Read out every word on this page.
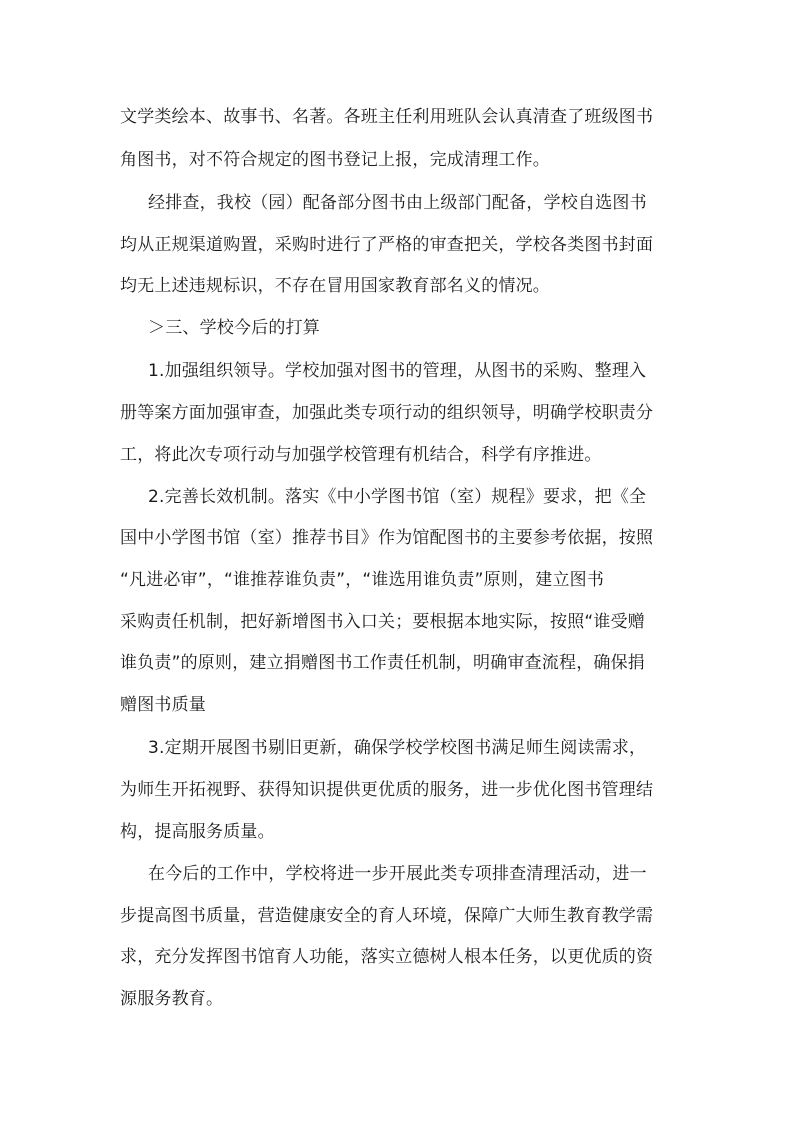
文学类绘本、故事书、名著。各班主任利用班队会认真清查了班级图书
角图书，对不符合规定的图书登记上报，完成清理工作。
经排查，我校（园）配备部分图书由上级部门配备，学校自选图书
均从正规渠道购置，采购时进行了严格的审查把关，学校各类图书封面
均无上述违规标识，不存在冒用国家教育部名义的情况。
＞三、学校今后的打算
1.加强组织领导。学校加强对图书的管理，从图书的采购、整理入
册等案方面加强审查，加强此类专项行动的组织领导，明确学校职责分
工，将此次专项行动与加强学校管理有机结合，科学有序推进。
2.完善长效机制。落实《中小学图书馆（室）规程》要求，把《全
国中小学图书馆（室）推荐书目》作为馆配图书的主要参考依据，按照
“凡进必审”，“谁推荐谁负责”，“谁选用谁负责”原则，建立图书
采购责任机制，把好新增图书入口关；要根据本地实际，按照“谁受赠
谁负责”的原则，建立捐赠图书工作责任机制，明确审查流程，确保捐
赠图书质量
3.定期开展图书剔旧更新，确保学校学校图书满足师生阅读需求，
为师生开拓视野、获得知识提供更优质的服务，进一步优化图书管理结
构，提高服务质量。
在今后的工作中，学校将进一步开展此类专项排查清理活动，进一
步提高图书质量，营造健康安全的育人环境，保障广大师生教育教学需
求，充分发挥图书馆育人功能，落实立德树人根本任务，以更优质的资
源服务教育。
